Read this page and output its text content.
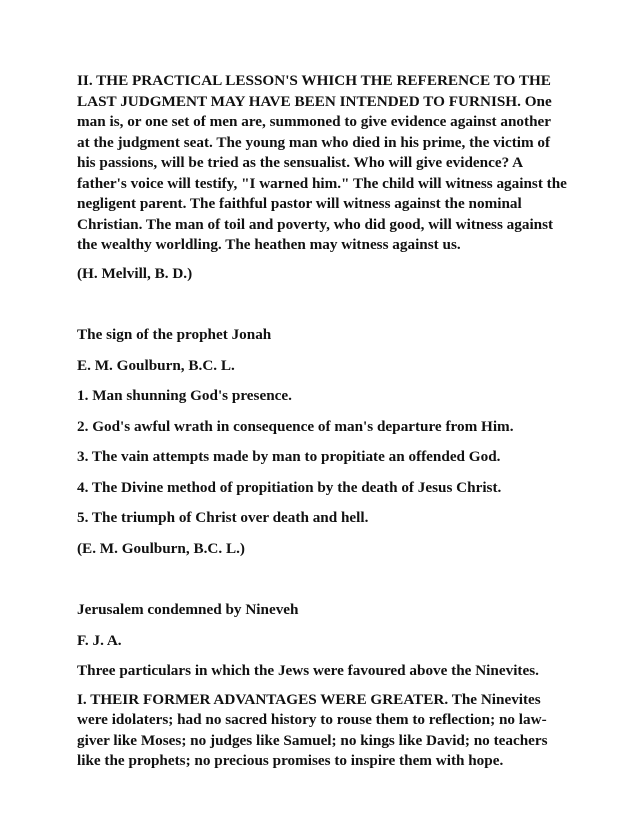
II. THE PRACTICAL LESSON'S WHICH THE REFERENCE TO THE LAST JUDGMENT MAY HAVE BEEN INTENDED TO FURNISH. One man is, or one set of men are, summoned to give evidence against another at the judgment seat. The young man who died in his prime, the victim of his passions, will be tried as the sensualist. Who will give evidence? A father's voice will testify, "I warned him." The child will witness against the negligent parent. The faithful pastor will witness against the nominal Christian. The man of toil and poverty, who did good, will witness against the wealthy worldling. The heathen may witness against us.

(H. Melvill, B. D.)

The sign of the prophet Jonah

E. M. Goulburn, B.C. L.

1. Man shunning God's presence.

2. God's awful wrath in consequence of man's departure from Him.

3. The vain attempts made by man to propitiate an offended God.

4. The Divine method of propitiation by the death of Jesus Christ.

5. The triumph of Christ over death and hell.

(E. M. Goulburn, B.C. L.)

Jerusalem condemned by Nineveh

F. J. A.

Three particulars in which the Jews were favoured above the Ninevites.

I. THEIR FORMER ADVANTAGES WERE GREATER. The Ninevites were idolaters; had no sacred history to rouse them to reflection; no law-giver like Moses; no judges like Samuel; no kings like David; no teachers like the prophets; no precious promises to inspire them with hope.
